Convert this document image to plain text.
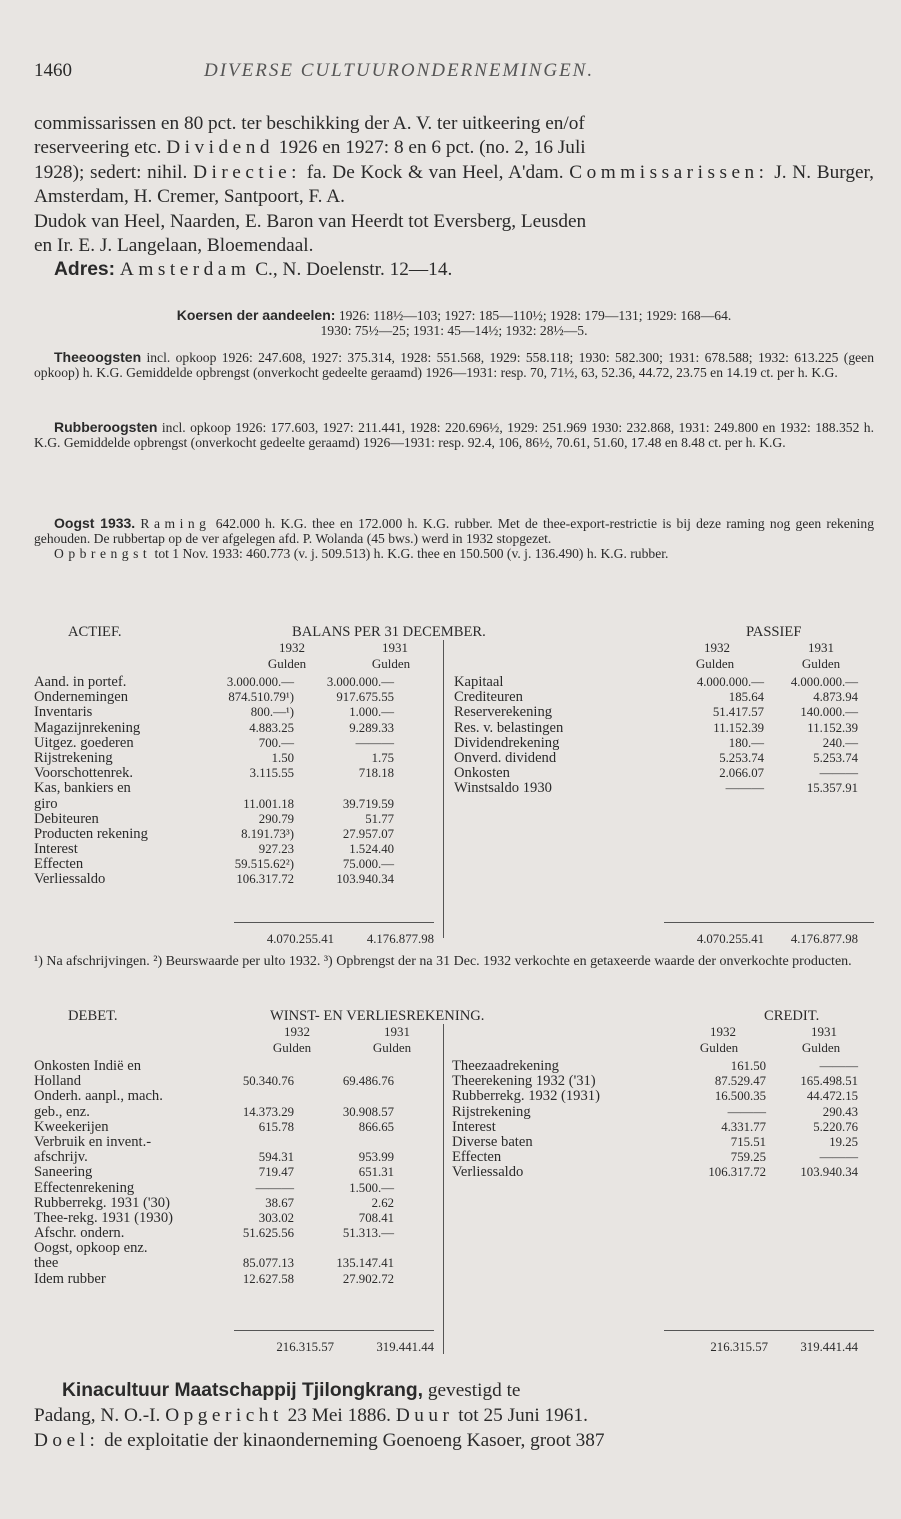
1460	DIVERSE CULTUURONDERNEMINGEN.

commissarissen en 80 pct. ter beschikking der A. V. ter uitkeering en/of

reserveering etc. Dividend 1926 en 1927: 8 en 6 pct. (no. 2, 16 Juli

1928); sedert: nihil. Directie: fa. De Kock & van Heel, A'dam. Commissarissen: J. N. Burger, Amsterdam, H. Cremer, Santpoort, F. A.

Dudok van Heel, Naarden, E. Baron van Heerdt tot Eversberg, Leusden

en Ir. E. J. Langelaan, Bloemendaal.

Adres: Amsterdam C., N. Doelenstr. 12—14.

Koersen der aandeelen: 1926: 118½—103; 1927: 185—110½; 1928: 179—131; 1929: 168—64.

1930: 75½—25; 1931: 45—14½; 1932: 28½—5.

Theeoogsten incl. opkoop 1926: 247.608, 1927: 375.314, 1928: 551.568, 1929: 558.118; 1930: 582.300; 1931: 678.588; 1932: 613.225 (geen opkoop) h. K.G. Gemiddelde opbrengst (onverkocht gedeelte geraamd) 1926—1931: resp. 70, 71½, 63, 52.36, 44.72, 23.75 en 14.19 ct. per h. K.G.

Rubberoogsten incl. opkoop 1926: 177.603, 1927: 211.441, 1928: 220.696½, 1929: 251.969 1930: 232.868, 1931: 249.800 en 1932: 188.352 h. K.G. Gemiddelde opbrengst (onverkocht gedeelte geraamd) 1926—1931: resp. 92.4, 106, 86½, 70.61, 51.60, 17.48 en 8.48 ct. per h. K.G.

Oogst 1933. Raming 642.000 h. K.G. thee en 172.000 h. K.G. rubber. Met de thee-export-restrictie is bij deze raming nog geen rekening gehouden. De rubbertap op de ver afgelegen afd. P. Wolanda (45 bws.) werd in 1932 stopgezet.

Opbrengst tot 1 Nov. 1933: 460.773 (v. j. 509.513) h. K.G. thee en 150.500 (v. j. 136.490) h. K.G. rubber.

ACTIEF.	BALANS PER 31 DECEMBER.	PASSIEF
1932	1931
Gulden	Gulden
1932	1931
Gulden	Gulden
Aand. in portef.	3.000.000.—	3.000.000.—
Ondernemingen	874.510.79¹)	917.675.55
Inventaris	800.—¹)	1.000.—
Magazijnrekening	4.883.25	9.289.33
Uitgez. goederen	700.—	———
Rijstrekening	1.50	1.75
Voorschottenrek.	3.115.55	718.18
Kas, bankiers en
giro	11.001.18	39.719.59
Debiteuren	290.79	51.77
Producten rekening	8.191.73³)	27.957.07
Interest	927.23	1.524.40
Effecten	59.515.62²)	75.000.—
Verliessaldo	106.317.72	103.940.34
Kapitaal	4.000.000.— 4.000.000.—
Crediteuren	185.64	4.873.94
Reserverekening	51.417.57	140.000.—
Res. v. belastingen	11.152.39	11.152.39
Dividendrekening	180.—	240.—
Onverd. dividend	5.253.74	5.253.74
Onkosten	2.066.07	———
Winstsaldo 1930	———	15.357.91
4.070.255.41	4.176.877.98	4.070.255.41 4.176.877.98
¹) Na afschrijvingen. ²) Beurswaarde per ulto 1932. ³) Opbrengst der na 31 Dec. 1932 verkochte en getaxeerde waarde der onverkochte producten.
DEBET.	WINST- EN VERLIESREKENING.	CREDIT.
1932	1931
Gulden	Gulden
1932	1931
Gulden	Gulden
Onkosten Indië en
Holland	50.340.76	69.486.76
Onderh. aanpl., mach.
geb., enz.	14.373.29	30.908.57
Kweekerijen	615.78	866.65
Verbruik en invent.-
afschrijv.	594.31	953.99
Saneering	719.47	651.31
Effectenrekening	———	1.500.—
Rubberrekg. 1931 ('30)	38.67	2.62
Thee-rekg. 1931 (1930)	303.02	708.41
Afschr. ondern.	51.625.56	51.313.—
Oogst, opkoop enz.
thee	85.077.13	135.147.41
Idem rubber	12.627.58	27.902.72
Theezaadrekening	161.50	———
Theerekening 1932 ('31)	87.529.47	165.498.51
Rubberrekg. 1932 (1931)	16.500.35	44.472.15
Rijstrekening	———	290.43
Interest	4.331.77	5.220.76
Diverse baten	715.51	19.25
Effecten	759.25	———
Verliessaldo	106.317.72	103.940.34
216.315.57	319.441.44	216.315.57	319.441.44

Kinacultuur Maatschappij Tjilongkrang, gevestigd te

Padang, N. O.-I. Opgericht 23 Mei 1886. Duur tot 25 Juni 1961.

Doel: de exploitatie der kinaonderneming Goenoeng Kasoer, groot 387
